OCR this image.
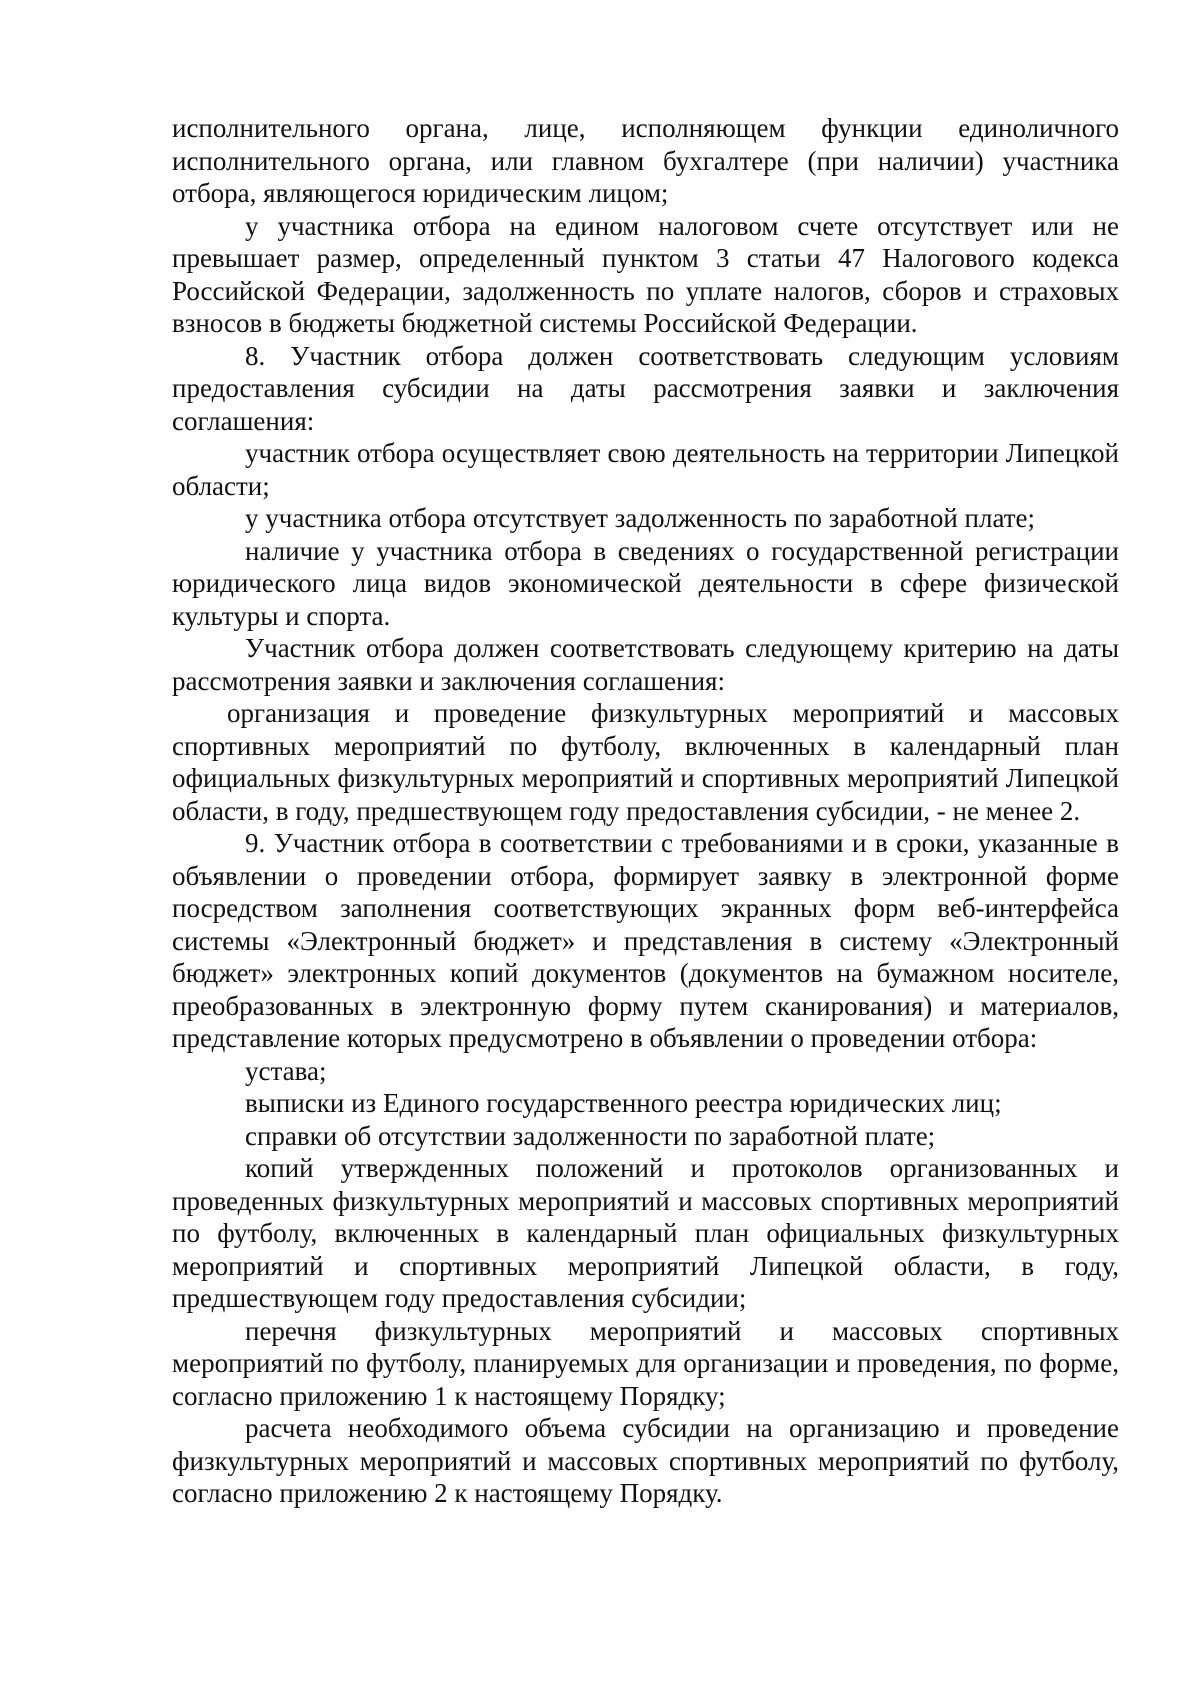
исполнительного органа, лице, исполняющем функции единоличного исполнительного органа, или главном бухгалтере (при наличии) участника отбора, являющегося юридическим лицом;

у участника отбора на едином налоговом счете отсутствует или не превышает размер, определенный пунктом 3 статьи 47 Налогового кодекса Российской Федерации, задолженность по уплате налогов, сборов и страховых взносов в бюджеты бюджетной системы Российской Федерации.

8. Участник отбора должен соответствовать следующим условиям предоставления субсидии на даты рассмотрения заявки и заключения соглашения:

участник отбора осуществляет свою деятельность на территории Липецкой области;

у участника отбора отсутствует задолженность по заработной плате;

наличие у участника отбора в сведениях о государственной регистрации юридического лица видов экономической деятельности в сфере физической культуры и спорта.

Участник отбора должен соответствовать следующему критерию на даты рассмотрения заявки и заключения соглашения:

организация и проведение физкультурных мероприятий и массовых спортивных мероприятий по футболу, включенных в календарный план официальных физкультурных мероприятий и спортивных мероприятий Липецкой области, в году, предшествующем году предоставления субсидии, - не менее 2.

9. Участник отбора в соответствии с требованиями и в сроки, указанные в объявлении о проведении отбора, формирует заявку в электронной форме посредством заполнения соответствующих экранных форм веб-интерфейса системы «Электронный бюджет» и представления в систему «Электронный бюджет» электронных копий документов (документов на бумажном носителе, преобразованных в электронную форму путем сканирования) и материалов, представление которых предусмотрено в объявлении о проведении отбора:

устава;

выписки из Единого государственного реестра юридических лиц;

справки об отсутствии задолженности по заработной плате;

копий утвержденных положений и протоколов организованных и проведенных физкультурных мероприятий и массовых спортивных мероприятий по футболу, включенных в календарный план официальных физкультурных мероприятий и спортивных мероприятий Липецкой области, в году, предшествующем году предоставления субсидии;

перечня физкультурных мероприятий и массовых спортивных мероприятий по футболу, планируемых для организации и проведения, по форме, согласно приложению 1 к настоящему Порядку;

расчета необходимого объема субсидии на организацию и проведение физкультурных мероприятий и массовых спортивных мероприятий по футболу, согласно приложению 2 к настоящему Порядку.
